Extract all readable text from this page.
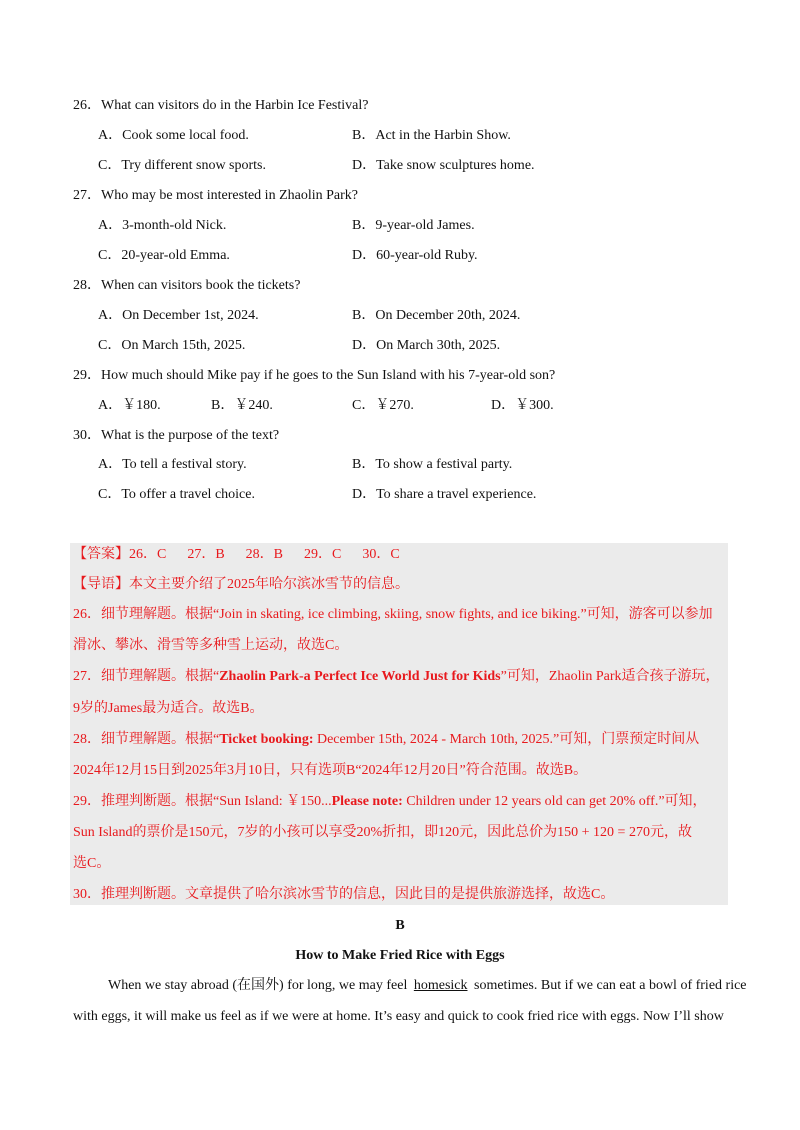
26．What can visitors do in the Harbin Ice Festival?
A．Cook some local food.	B．Act in the Harbin Show.
C．Try different snow sports.	D．Take snow sculptures home.
27．Who may be most interested in Zhaolin Park?
A．3-month-old Nick.	B．9-year-old James.
C．20-year-old Emma.	D．60-year-old Ruby.
28．When can visitors book the tickets?
A．On December 1st, 2024.	B．On December 20th, 2024.
C．On March 15th, 2025.	D．On March 30th, 2025.
29．How much should Mike pay if he goes to the Sun Island with his 7-year-old son?
A．￥180.	B．￥240.	C．￥270.	D．￥300.
30．What is the purpose of the text?
A．To tell a festival story.	B．To show a festival party.
C．To offer a travel choice.	D．To share a travel experience.
【答案】26．C      27．B      28．B      29．C      30．C
【导语】本文主要介绍了2025年哈尔滨冰雪节的信息。
26．细节理解题。根据“Join in skating, ice climbing, skiing, snow fights, and ice biking.”可知，游客可以参加
滑冰、攀冰、滑雪等多种雪上运动，故选C。
27．细节理解题。根据“Zhaolin Park-a Perfect Ice World Just for Kids”可知，Zhaolin Park适合孩子游玩，
9岁的James最为适合。故选B。
28．细节理解题。根据“Ticket booking: December 15th, 2024 - March 10th, 2025.”可知，门票预定时间从
2024年12月15日到2025年3月10日，只有选项B“2024年12月20日”符合范围。故选B。
29．推理判断题。根据“Sun Island: ￥150...Please note: Children under 12 years old can get 20% off.”可知，
Sun Island的票价是150元，7岁的小孩可以享受20%折扣，即120元，因此总价为150 + 120 = 270元，故
选C。
30．推理判断题。文章提供了哈尔滨冰雪节的信息，因此目的是提供旅游选择，故选C。
B
How to Make Fried Rice with Eggs
When we stay abroad (在国外) for long, we may feel homesick sometimes. But if we can eat a bowl of fried rice
with eggs, it will make us feel as if we were at home. It’s easy and quick to cook fried rice with eggs. Now I’ll show
